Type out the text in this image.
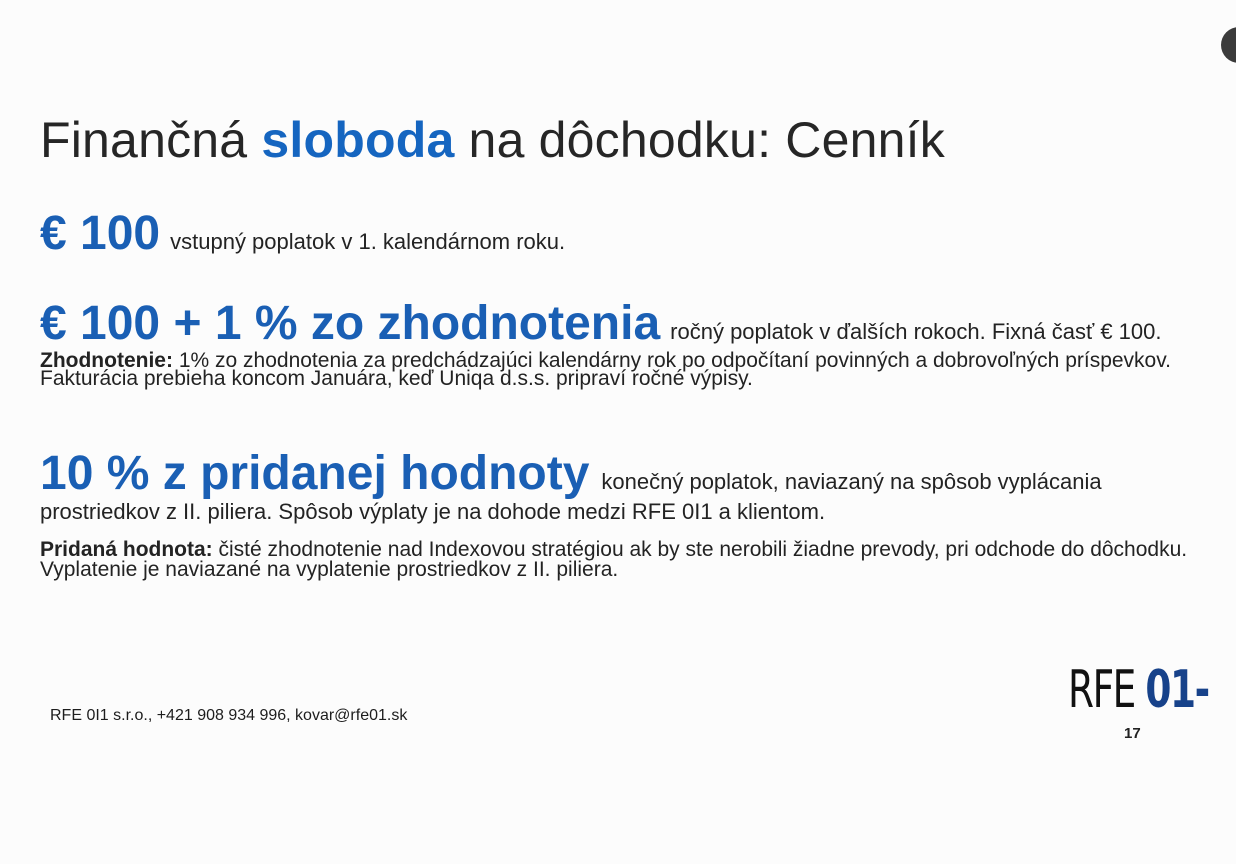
Finančná sloboda na dôchodku: Cenník
€ 100 vstupný poplatok v 1. kalendárnom roku.
€ 100 + 1 % zo zhodnotenia ročný poplatok v ďalších rokoch. Fixná časť € 100. Zhodnotenie: 1% zo zhodnotenia za predchádzajúci kalendárny rok po odpočítaní povinných a dobrovoľných príspevkov. Fakturácia prebieha koncom Januára, keď Uniqa d.s.s. pripraví ročné výpisy.
10 % z pridanej hodnoty konečný poplatok, naviazaný na spôsob vyplácania prostriedkov z II. piliera. Spôsob výplaty je na dohode medzi RFE 0I1 a klientom.
Pridaná hodnota: čisté zhodnotenie nad Indexovou stratégiou ak by ste nerobili žiadne prevody, pri odchode do dôchodku. Vyplatenie je naviazané na vyplatenie prostriedkov z II. piliera.
RFE 0I1 s.r.o., +421 908 934 996, kovar@rfe01.sk	RFE 01-
17
